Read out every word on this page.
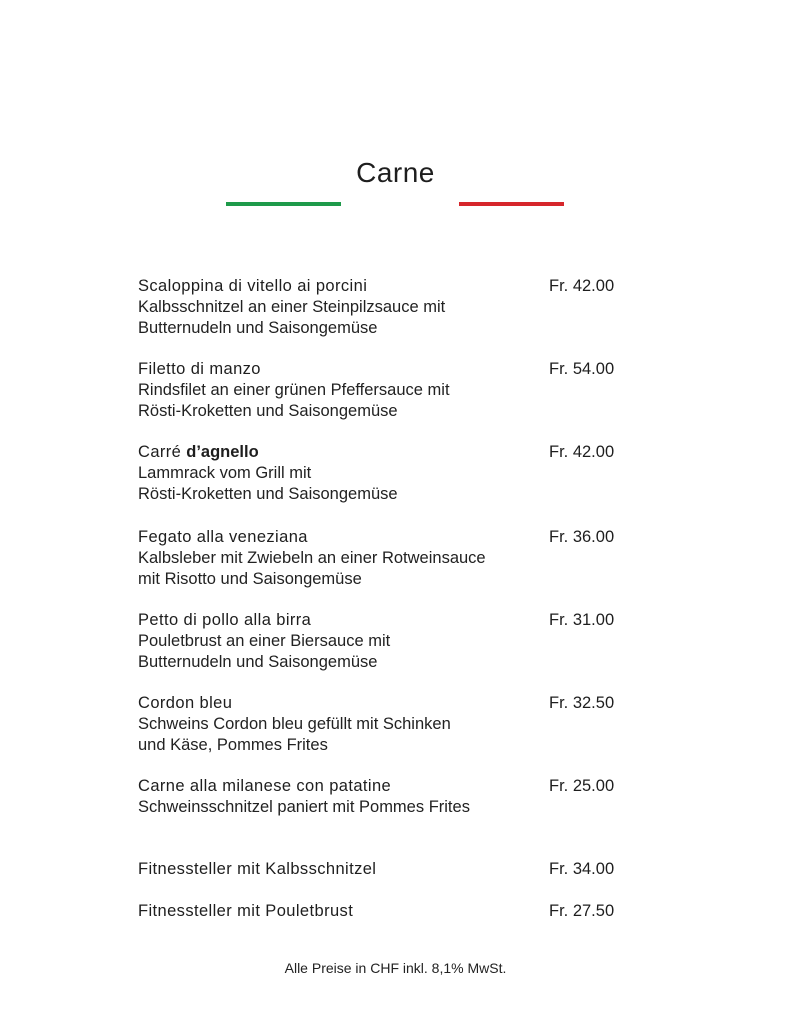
Carne
Scaloppina di vitello ai porcini
Kalbsschnitzel an einer Steinpilzsauce mit
Butternudeln und Saisongemüse
Fr. 42.00
Filetto di manzo
Rindsfilet an einer grünen Pfeffersauce mit
Rösti-Kroketten und Saisongemüse
Fr. 54.00
Carré d’agnello
Lammrack vom Grill mit
Rösti-Kroketten und Saisongemüse
Fr. 42.00
Fegato alla veneziana
Kalbsleber mit Zwiebeln an einer Rotweinsauce
mit Risotto und Saisongemüse
Fr. 36.00
Petto di pollo alla birra
Pouletbrust an einer Biersauce mit
Butternudeln und Saisongemüse
Fr. 31.00
Cordon bleu
Schweins Cordon bleu gefüllt mit Schinken
und Käse, Pommes Frites
Fr. 32.50
Carne alla milanese con patatine
Schweinsschnitzel paniert mit Pommes Frites
Fr. 25.00
Fitnessteller mit Kalbsschnitzel	Fr. 34.00
Fitnessteller mit Pouletbrust	Fr. 27.50
Alle Preise in CHF inkl. 8,1% MwSt.
